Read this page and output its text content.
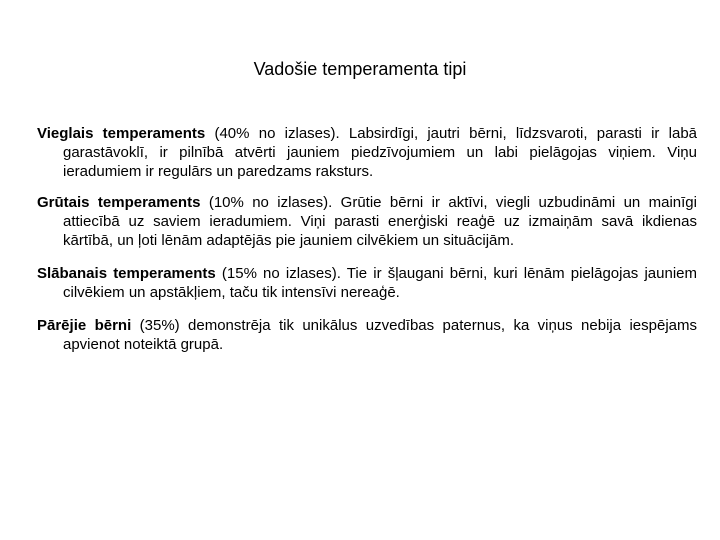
Vadošie temperamenta tipi

Vieglais temperaments (40% no izlases). Labsirdīgi, jautri bērni, līdzsvaroti, parasti ir labā garastāvoklī, ir pilnībā atvērti jauniem piedzīvojumiem un labi pielāgojas viņiem. Viņu ieradumiem ir regulārs un paredzams raksturs.

Grūtais temperaments (10% no izlases). Grūtie bērni ir aktīvi, viegli uzbudināmi un mainīgi attiecībā uz saviem ieradumiem. Viņi parasti enerģiski reaģē uz izmaiņām savā ikdienas kārtībā, un ļoti lēnām adaptējās pie jauniem cilvēkiem un situācijām.

Slābanais temperaments (15% no izlases). Tie ir šļaugani bērni, kuri lēnām pielāgojas jauniem cilvēkiem un apstākļiem, taču tik intensīvi nereaģē.

Pārējie bērni (35%) demonstrēja tik unikālus uzvedības paternus, ka viņus nebija iespējams apvienot noteiktā grupā.
